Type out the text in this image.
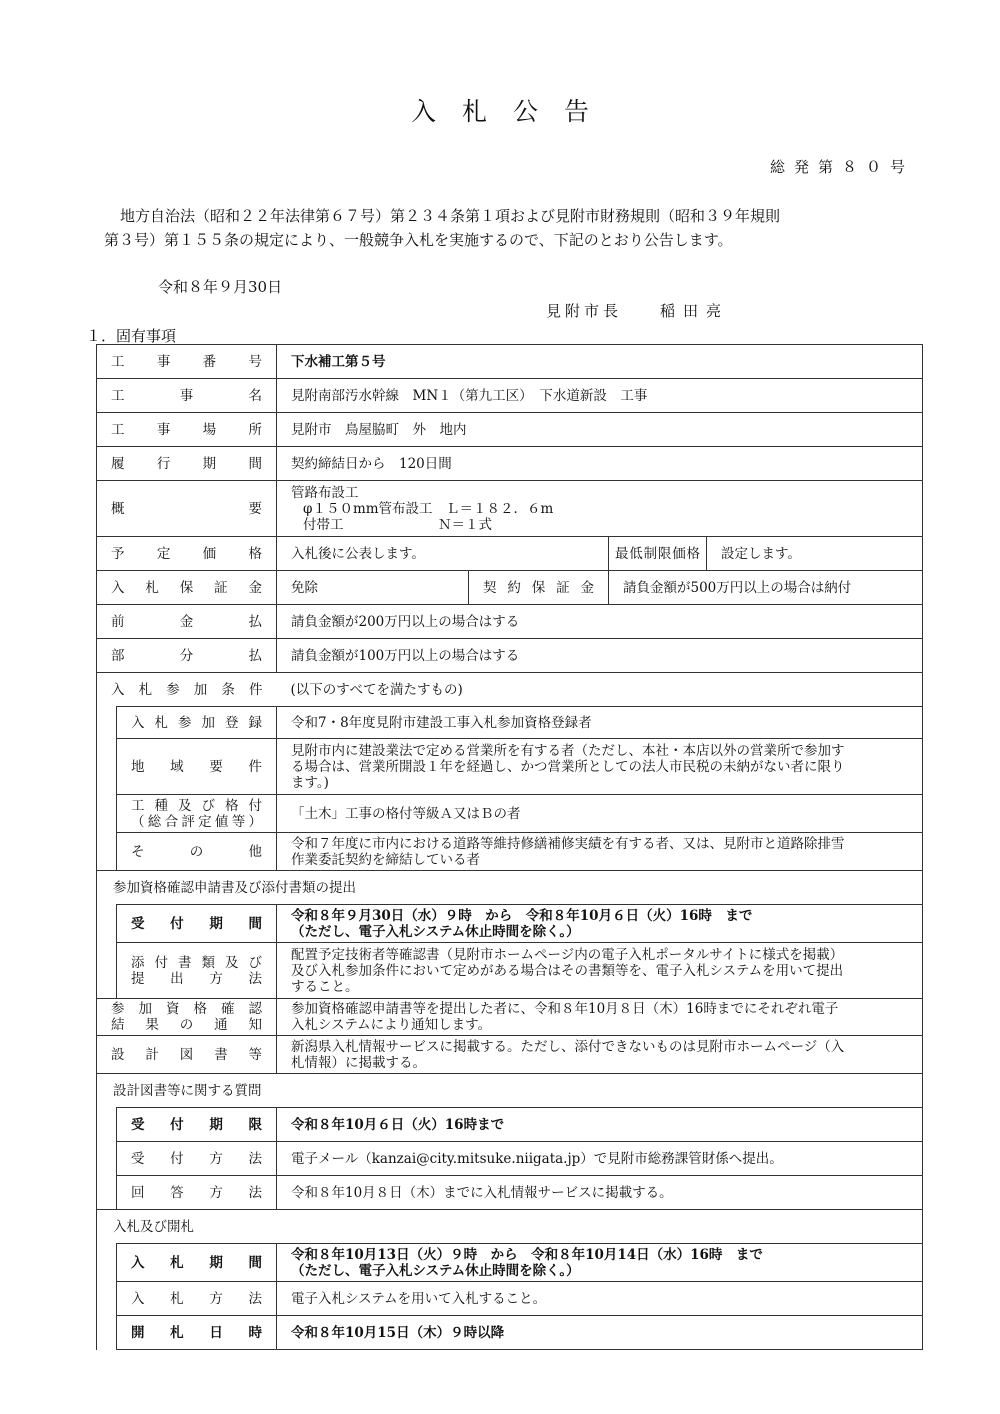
入札公告
総発第８０号
地方自治法（昭和２２年法律第６７号）第２３４条第１項および見附市財務規則（昭和３９年規則
第３号）第１５５条の規定により、一般競争入札を実施するので、下記のとおり公告します。
令和８年９月30日
見附市長	稲田亮
１．固有事項
工事番号		下水補工第５号			
工事名		見附南部汚水幹線　MN１（第九工区）　下水道新設　工事			
工事場所		見附市　鳥屋脇町　外　地内			
履行期間		契約締結日から　120日間			
概要		管路布設工
φ１５０mm管布設工　Ｌ＝１８２．６m
付帯工　　　　　　　Ｎ＝１式			

予定価格		入札後に公表します。		最低制限価格	設定します。
入札保証金		免除	契約保証金	請負金額が500万円以上の場合は納付	
前金払		請負金額が200万円以上の場合はする			
部分払		請負金額が100万円以上の場合はする			
入札参加条件		(以下のすべてを満たすもの)			
	入札参加登録	令和7・8年度見附市建設工事入札参加資格登録者			
	地域要件	見附市内に建設業法で定める営業所を有する者（ただし、本社・本店以外の営業所で参加す
る場合は、営業所開設１年を経過し、かつ営業所としての法人市民税の未納がない者に限り
ます。)			

	工種及び格付
（総合評定値等）	「土木」工事の格付等級Ａ又はＢの者			
	その他	令和７年度に市内における道路等維持修繕補修実績を有する者、又は、見附市と道路除排雪
作業委託契約を締結している者			

参加資格確認申請書及び添付書類の提出					
	受付期間	令和８年９月30日（水）９時　から　令和８年10月６日（火）16時　まで
（ただし、電子入札システム休止時間を除く。）			

	添付書類及び
提出方法	配置予定技術者等確認書（見附市ホームページ内の電子入札ポータルサイトに様式を掲載）
及び入札参加条件において定めがある場合はその書類等を、電子入札システムを用いて提出
すること。			

参加資格確認
結果の通知		参加資格確認申請書等を提出した者に、令和８年10月８日（木）16時までにそれぞれ電子
入札システムにより通知します。			

設計図書等		新潟県入札情報サービスに掲載する。ただし、添付できないものは見附市ホームページ（入
札情報）に掲載する。			

設計図書等に関する質問					
	受付期限	令和８年10月６日（火）16時まで			
	受付方法	電子メール（kanzai@city.mitsuke.niigata.jp）で見附市総務課管財係へ提出。			
	回答方法	令和８年10月８日（木）までに入札情報サービスに掲載する。			
入札及び開札					
	入札期間	令和８年10月13日（火）９時　から　令和８年10月14日（水）16時　まで
（ただし、電子入札システム休止時間を除く。）			

	入札方法	電子入札システムを用いて入札すること。			
	開札日時	令和８年10月15日（木）９時以降			
